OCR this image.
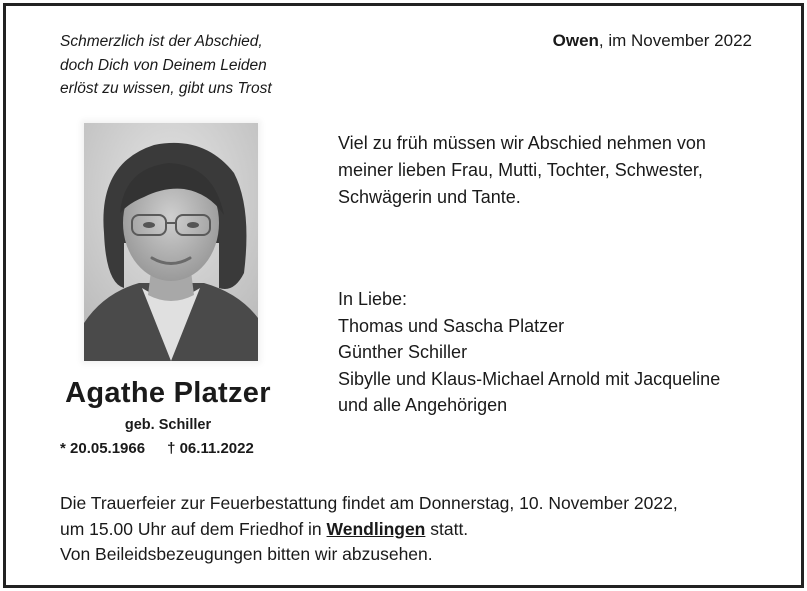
Schmerzlich ist der Abschied,
doch Dich von Deinem Leiden
erlöst zu wissen, gibt uns Trost
Owen, im November 2022
Viel zu früh müssen wir Abschied nehmen von
meiner lieben Frau, Mutti, Tochter, Schwester,
Schwägerin und Tante.
In Liebe:
Thomas und Sascha Platzer
Günther Schiller
Sibylle und Klaus-Michael Arnold mit Jacqueline
und alle Angehörigen
Agathe Platzer
geb. Schiller
* 20.05.1966 † 06.11.2022
Die Trauerfeier zur Feuerbestattung findet am Donnerstag, 10. November 2022,
um 15.00 Uhr auf dem Friedhof in Wendlingen statt.
Von Beileidsbezeugungen bitten wir abzusehen.
